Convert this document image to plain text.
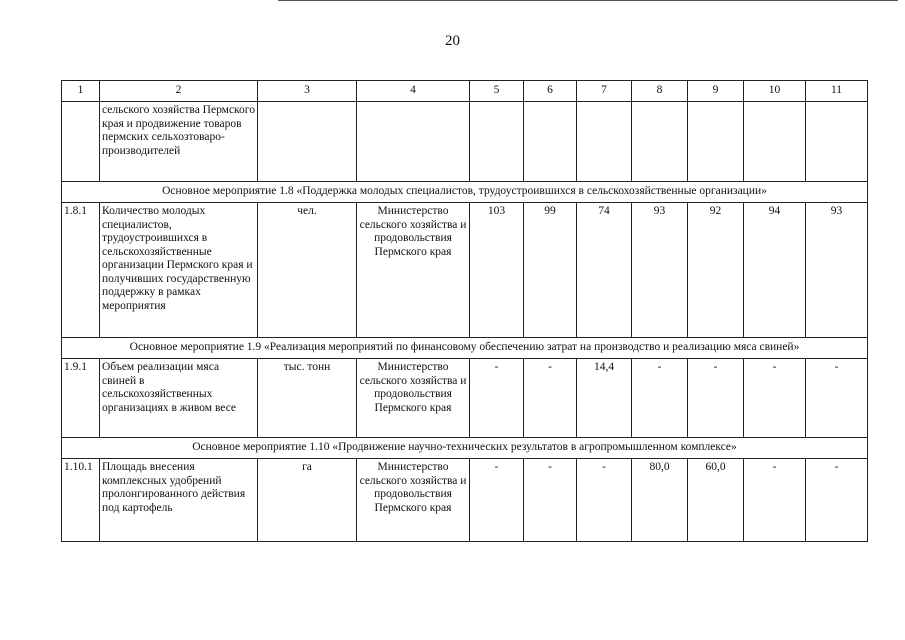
20
1	2	3	4	5	6	7	8	9	10	11
	сельского хозяйства Пермского края и продвижение товаров пермских сельхозтоваро-производителей									
Основное мероприятие 1.8 «Поддержка молодых специалистов, трудоустроившихся в сельскохозяйственные организации»										
1.8.1	Количество молодых специалистов, трудоустроившихся в сельскохозяйственные организации Пермского края и получивших государственную поддержку в рамках мероприятия	чел.	Министерство сельского хозяйства и продовольствия Пермского края	103	99	74	93	92	94	93
Основное мероприятие 1.9 «Реализация мероприятий по финансовому обеспечению затрат на производство и реализацию мяса свиней»										
1.9.1	Объем реализации мяса свиней в сельскохозяйственных организациях в живом весе	тыс. тонн	Министерство сельского хозяйства и продовольствия Пермского края	-	-	14,4	-	-	-	-
Основное мероприятие 1.10 «Продвижение научно-технических результатов в агропромышленном комплексе»										
1.10.1	Площадь внесения комплексных удобрений пролонгированного действия под картофель	га	Министерство сельского хозяйства и продовольствия Пермского края	-	-	-	80,0	60,0	-	-
